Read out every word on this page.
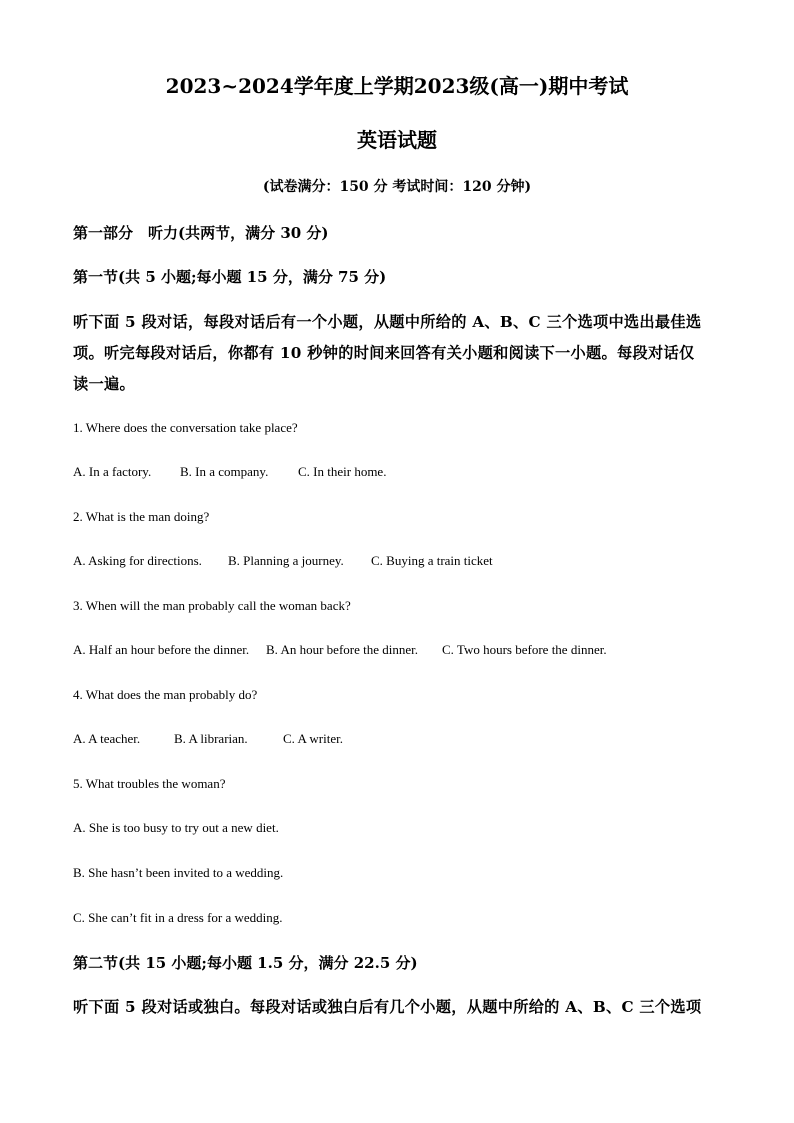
2023~2024学年度上学期2023级(高一)期中考试
英语试题
(试卷满分：150 分 考试时间：120 分钟)
第一部分　听力(共两节，满分 30 分)
第一节(共 5 小题;每小题 15 分，满分 75 分)
听下面 5 段对话，每段对话后有一个小题，从题中所给的 A、B、C 三个选项中选出最佳选
项。听完每段对话后，你都有 10 秒钟的时间来回答有关小题和阅读下一小题。每段对话仅
读一遍。
1. Where does the conversation take place?
A. In a factory. B. In a company. C. In their home.
2. What is the man doing?
A. Asking for directions. B. Planning a journey. C. Buying a train ticket
3. When will the man probably call the woman back?
A. Half an hour before the dinner. B. An hour before the dinner. C. Two hours before the dinner.
4. What does the man probably do?
A. A teacher.	B. A librarian.	C. A writer.
5. What troubles the woman?
A. She is too busy to try out a new diet.
B. She hasn’t been invited to a wedding.
C. She can’t fit in a dress for a wedding.
第二节(共 15 小题;每小题 1.5 分，满分 22.5 分)
听下面 5 段对话或独白。每段对话或独白后有几个小题，从题中所给的 A、B、C 三个选项
